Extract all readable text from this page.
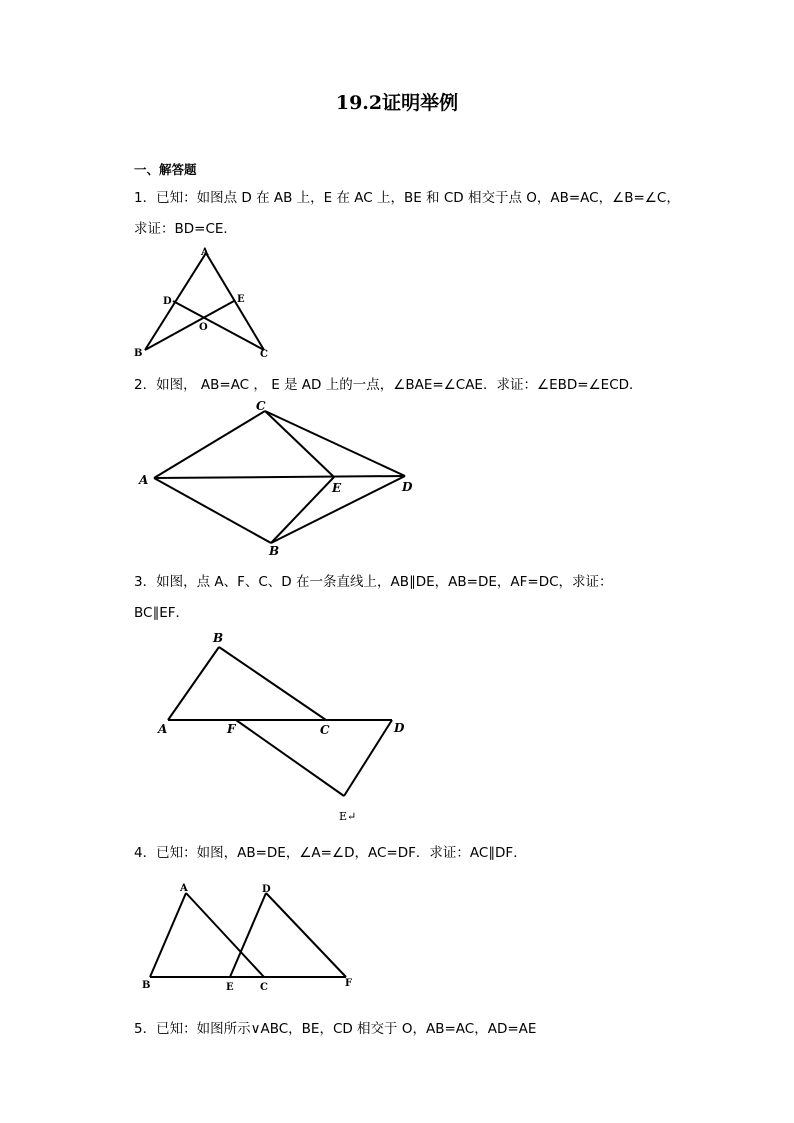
19.2证明举例
一、解答题
1．已知：如图点 D 在 AB 上，E 在 AC 上，BE 和 CD 相交于点 O，AB=AC，∠B=∠C，
求证：BD=CE．
A
B	C
D	E
O
2．如图， AB=AC ， E 是 AD 上的一点，∠BAE=∠CAE．求证：∠EBD=∠ECD．
A
C
B
E	D
3．如图，点 A、F、C、D 在一条直线上，AB∥DE，AB=DE，AF=DC，求证：
BC∥EF．
B
A	F	C	D
E↵
4．已知：如图，AB=DE，∠A=∠D，AC=DF．求证：AC∥DF．
A	D
B	E	C	F
5．已知：如图所示∨ABC，BE，CD 相交于 O，AB=AC，AD=AE
